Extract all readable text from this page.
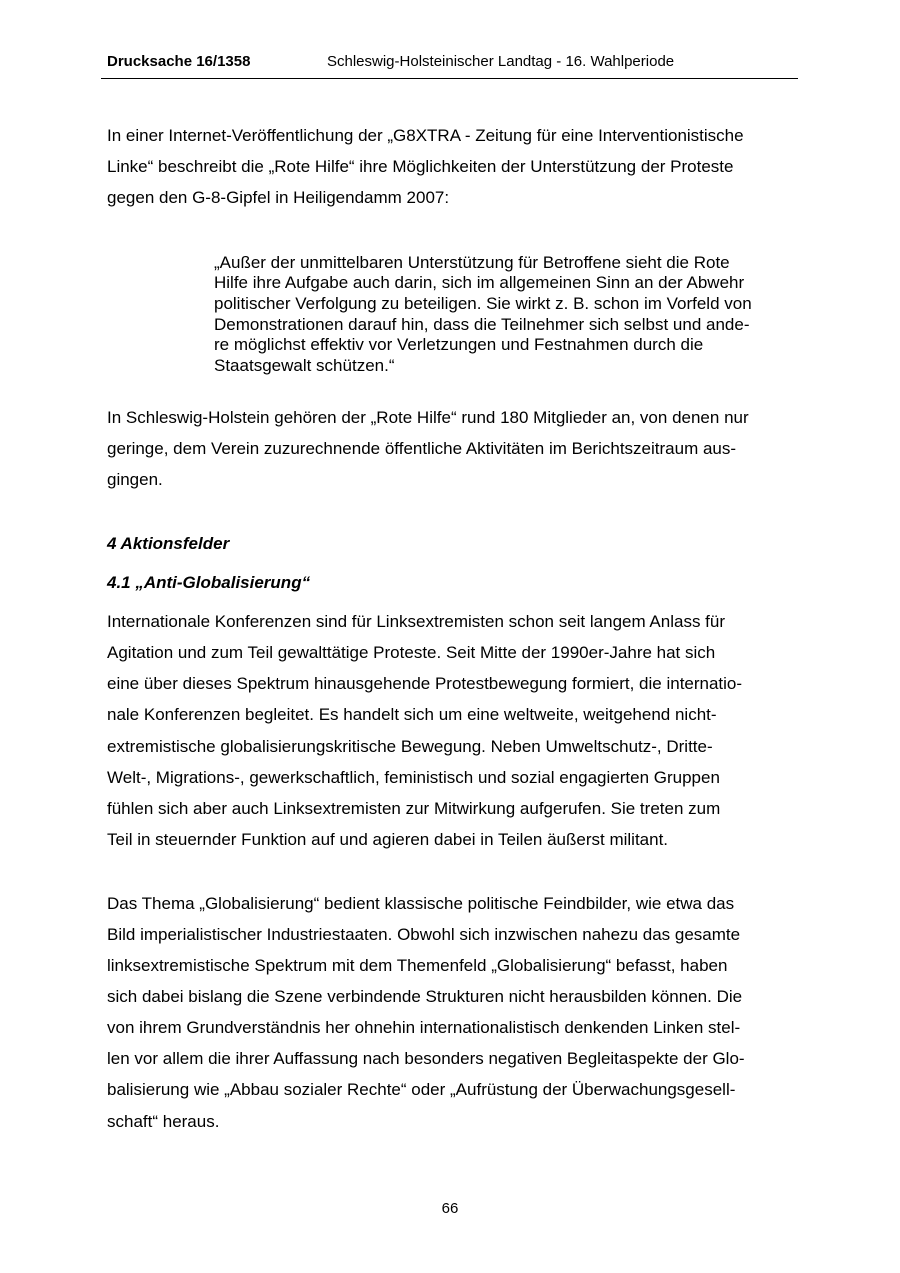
Drucksache 16/1358	Schleswig-Holsteinischer Landtag - 16. Wahlperiode
In einer Internet-Veröffentlichung der „G8XTRA - Zeitung für eine Interventionistische
Linke“ beschreibt die „Rote Hilfe“ ihre Möglichkeiten der Unterstützung der Proteste
gegen den G-8-Gipfel in Heiligendamm 2007:
„Außer der unmittelbaren Unterstützung für Betroffene sieht die Rote
Hilfe ihre Aufgabe auch darin, sich im allgemeinen Sinn an der Abwehr
politischer Verfolgung zu beteiligen. Sie wirkt z. B. schon im Vorfeld von
Demonstrationen darauf hin, dass die Teilnehmer sich selbst und ande-
re möglichst effektiv vor Verletzungen und Festnahmen durch die
Staatsgewalt schützen.“
In Schleswig-Holstein gehören der „Rote Hilfe“ rund 180 Mitglieder an, von denen nur
geringe, dem Verein zuzurechnende öffentliche Aktivitäten im Berichtszeitraum aus-
gingen.
4 Aktionsfelder
4.1 „Anti-Globalisierung“
Internationale Konferenzen sind für Linksextremisten schon seit langem Anlass für
Agitation und zum Teil gewalttätige Proteste. Seit Mitte der 1990er-Jahre hat sich
eine über dieses Spektrum hinausgehende Protestbewegung formiert, die internatio-
nale Konferenzen begleitet. Es handelt sich um eine weltweite, weitgehend nicht-
extremistische globalisierungskritische Bewegung. Neben Umweltschutz-, Dritte-
Welt-, Migrations-, gewerkschaftlich, feministisch und sozial engagierten Gruppen
fühlen sich aber auch Linksextremisten zur Mitwirkung aufgerufen. Sie treten zum
Teil in steuernder Funktion auf und agieren dabei in Teilen äußerst militant.
Das Thema „Globalisierung“ bedient klassische politische Feindbilder, wie etwa das
Bild imperialistischer Industriestaaten. Obwohl sich inzwischen nahezu das gesamte
linksextremistische Spektrum mit dem Themenfeld „Globalisierung“ befasst, haben
sich dabei bislang die Szene verbindende Strukturen nicht herausbilden können. Die
von ihrem Grundverständnis her ohnehin internationalistisch denkenden Linken stel-
len vor allem die ihrer Auffassung nach besonders negativen Begleitaspekte der Glo-
balisierung wie „Abbau sozialer Rechte“ oder „Aufrüstung der Überwachungsgesell-
schaft“ heraus.
66
